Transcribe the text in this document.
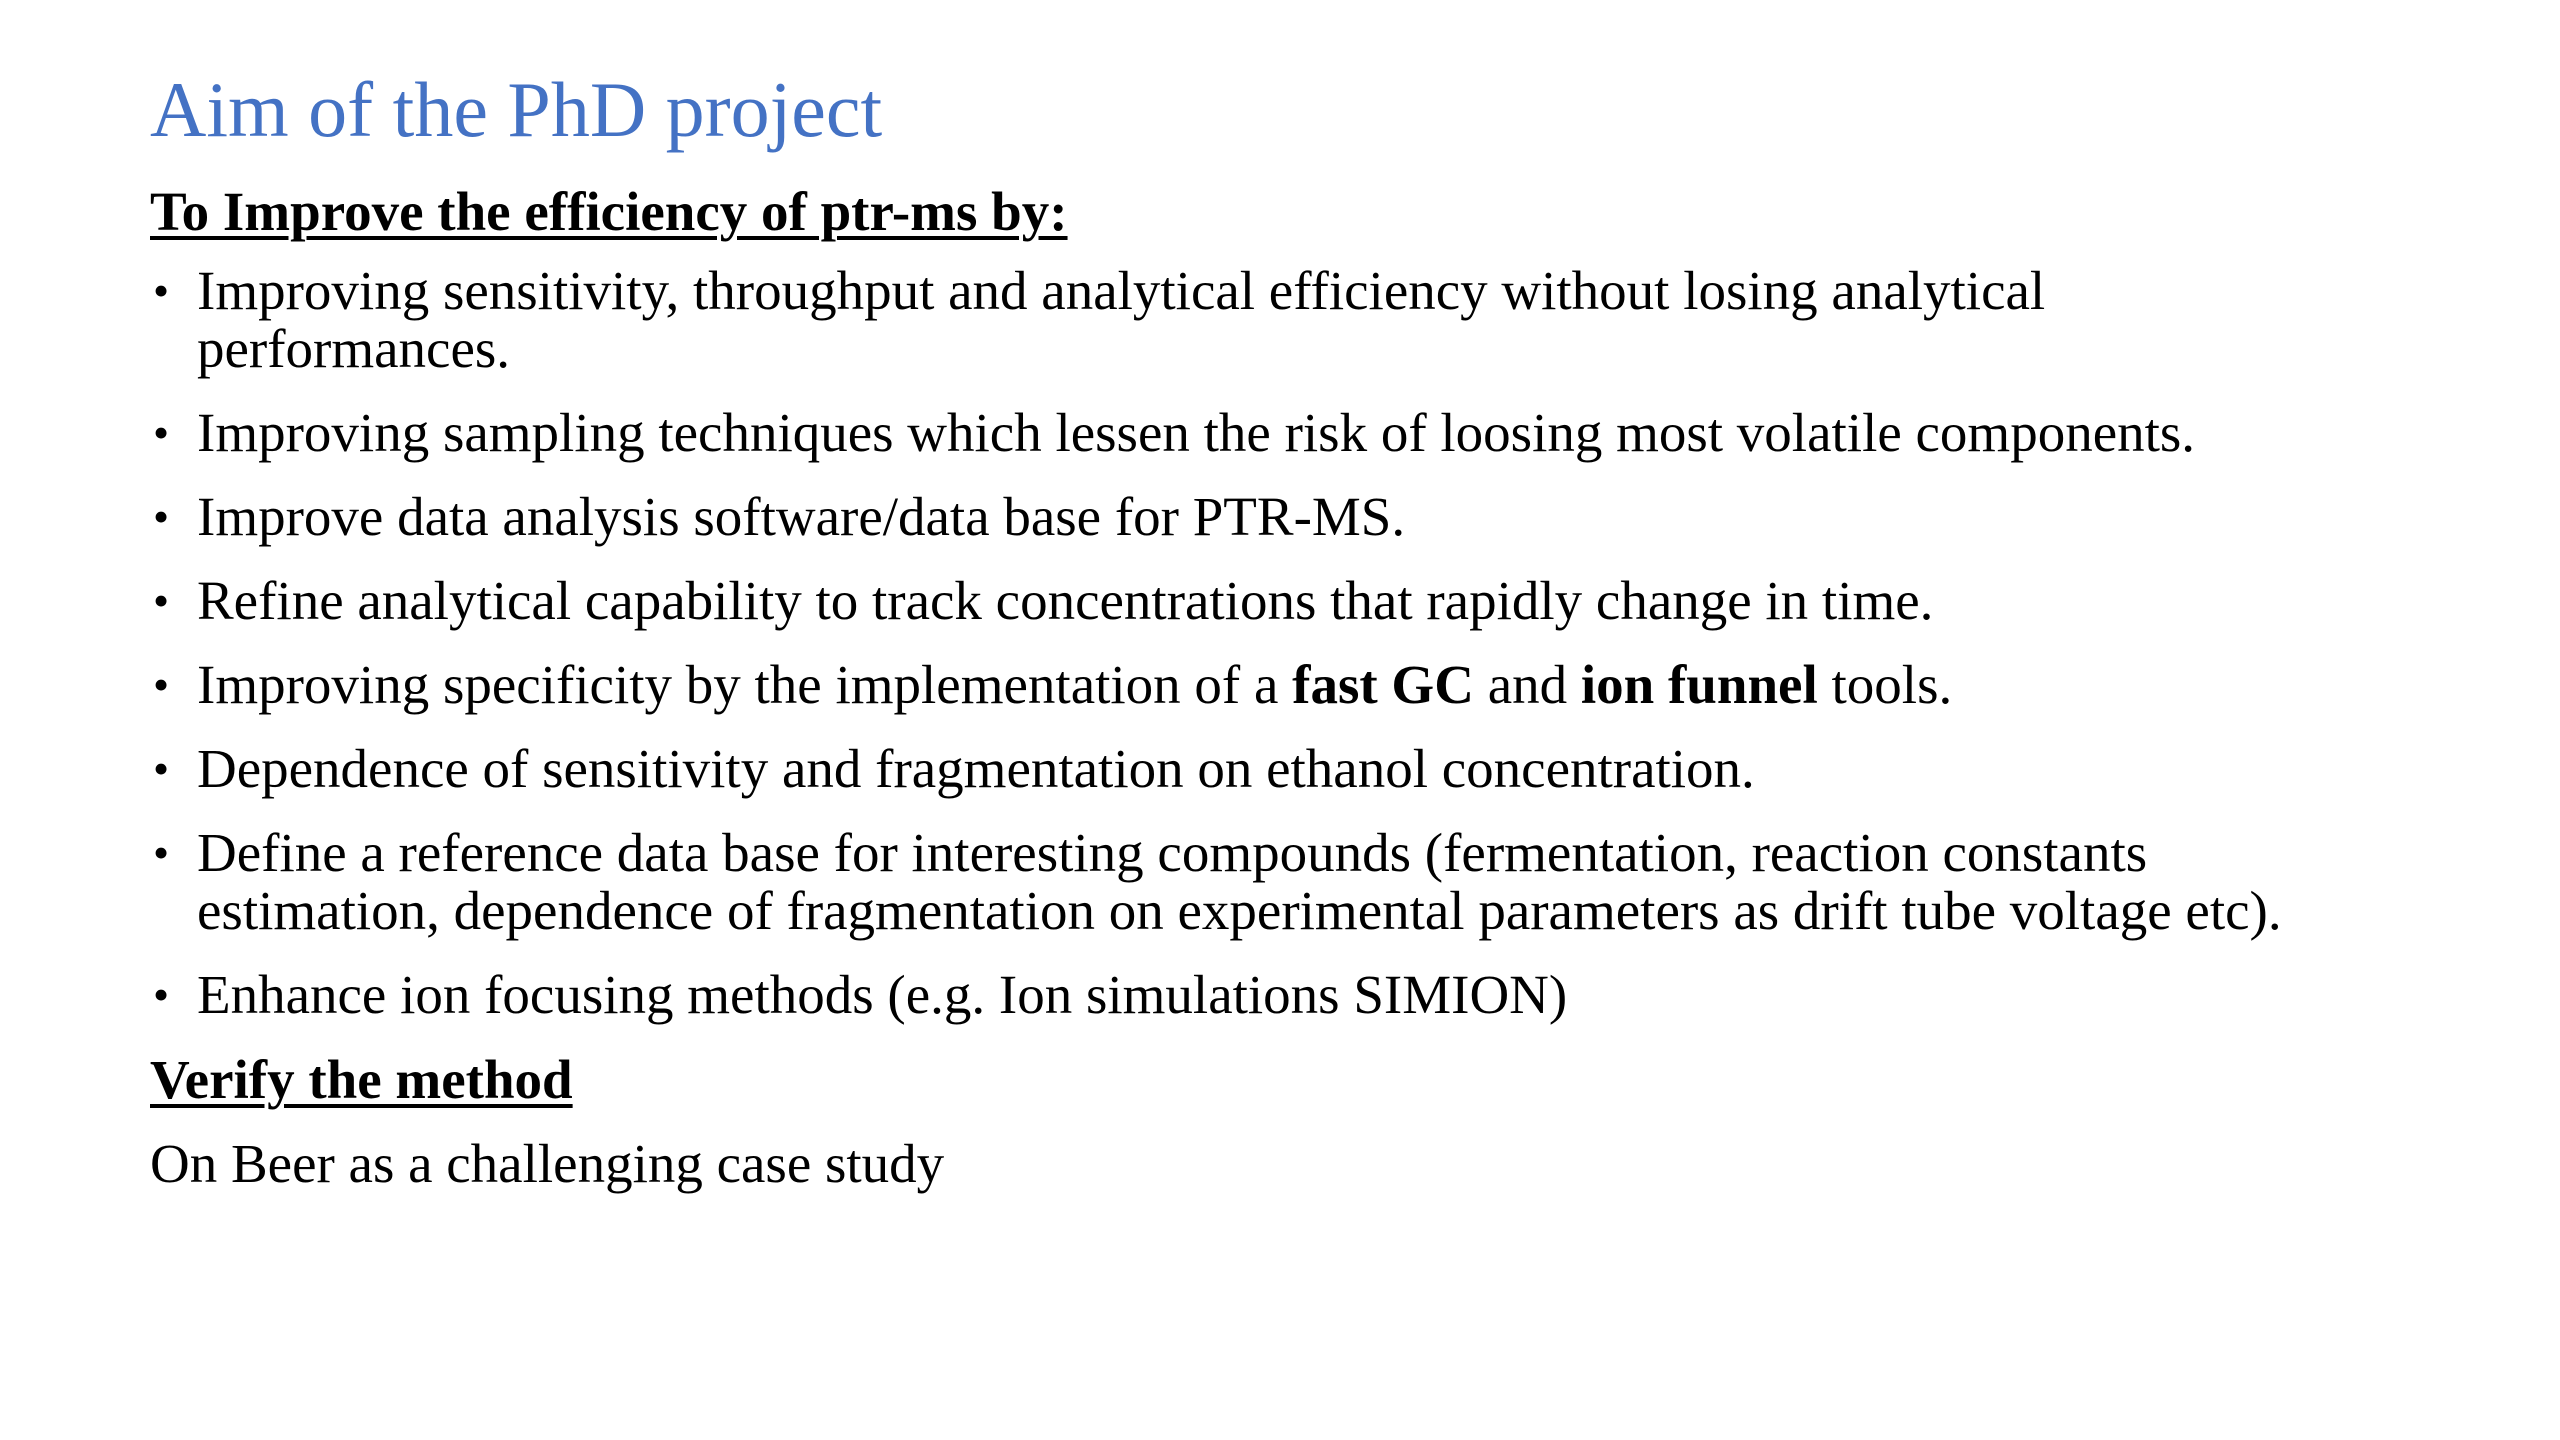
Aim of the PhD project

To Improve the efficiency of ptr-ms by:

• Improving sensitivity, throughput and analytical efficiency without losing analytical performances.
• Improving sampling techniques which lessen the risk of loosing most volatile components.
• Improve data analysis software/data base for PTR-MS.
• Refine analytical capability to track concentrations that rapidly change in time.
• Improving specificity by the implementation of a fast GC and ion funnel tools.
• Dependence of sensitivity and fragmentation on ethanol concentration.
• Define a reference data base for interesting compounds (fermentation, reaction constants estimation, dependence of fragmentation on experimental parameters as drift tube voltage etc).
• Enhance ion focusing methods (e.g. Ion simulations SIMION)

Verify the method

On Beer as a challenging case study
